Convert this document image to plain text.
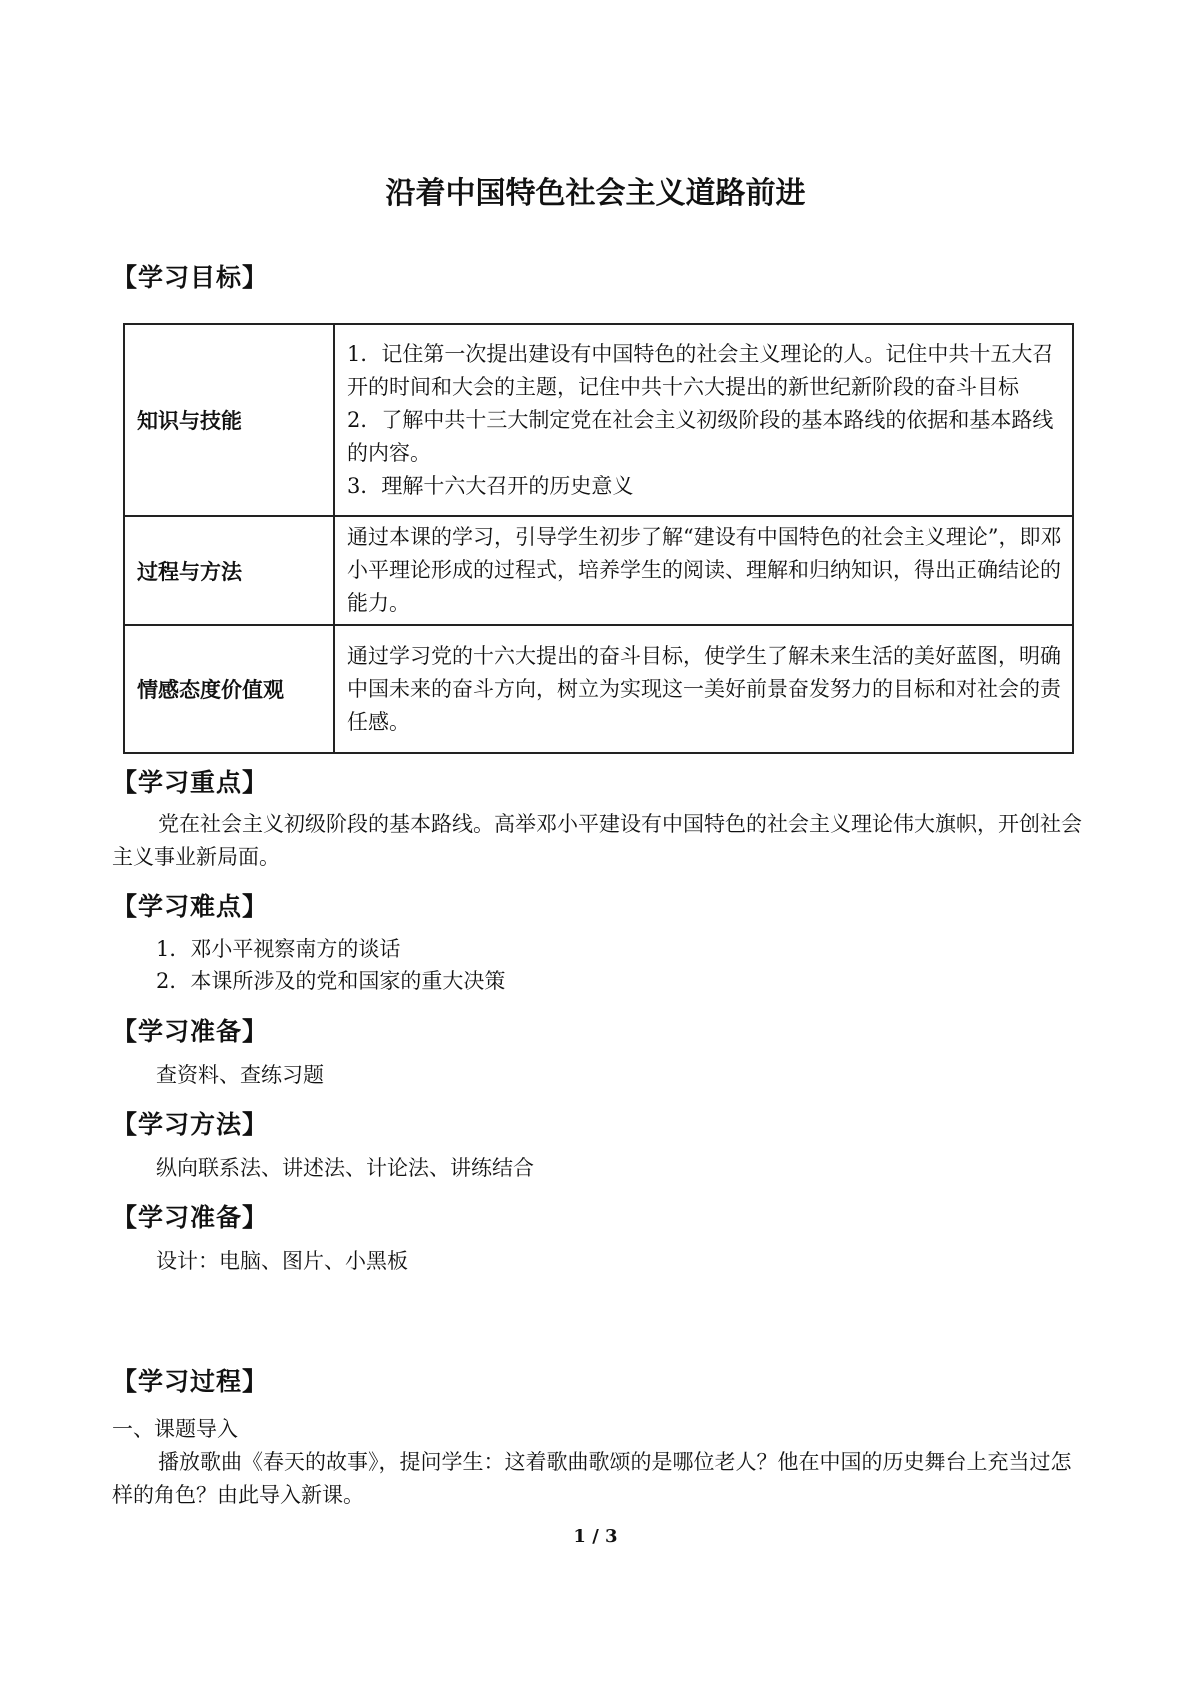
沿着中国特色社会主义道路前进
【学习目标】
知识与技能	1．记住第一次提出建设有中国特色的社会主义理论的人。记住中共十五大召开的时间和大会的主题，记住中共十六大提出的新世纪新阶段的奋斗目标
2．了解中共十三大制定党在社会主义初级阶段的基本路线的依据和基本路线的内容。
3．理解十六大召开的历史意义

过程与方法	通过本课的学习，引导学生初步了解“建设有中国特色的社会主义理论”，即邓小平理论形成的过程式，培养学生的阅读、理解和归纳知识，得出正确结论的能力。

情感态度价值观	通过学习党的十六大提出的奋斗目标，使学生了解未来生活的美好蓝图，明确中国未来的奋斗方向，树立为实现这一美好前景奋发努力的目标和对社会的责任感。
【学习重点】
党在社会主义初级阶段的基本路线。高举邓小平建设有中国特色的社会主义理论伟大旗帜，开创社会主义事业新局面。
【学习难点】
1．邓小平视察南方的谈话
2．本课所涉及的党和国家的重大决策
【学习准备】
查资料、查练习题
【学习方法】
纵向联系法、讲述法、计论法、讲练结合
【学习准备】
设计：电脑、图片、小黑板
【学习过程】
一、课题导入
播放歌曲《春天的故事》，提问学生：这着歌曲歌颂的是哪位老人？他在中国的历史舞台上充当过怎样的角色？由此导入新课。
1 / 3
